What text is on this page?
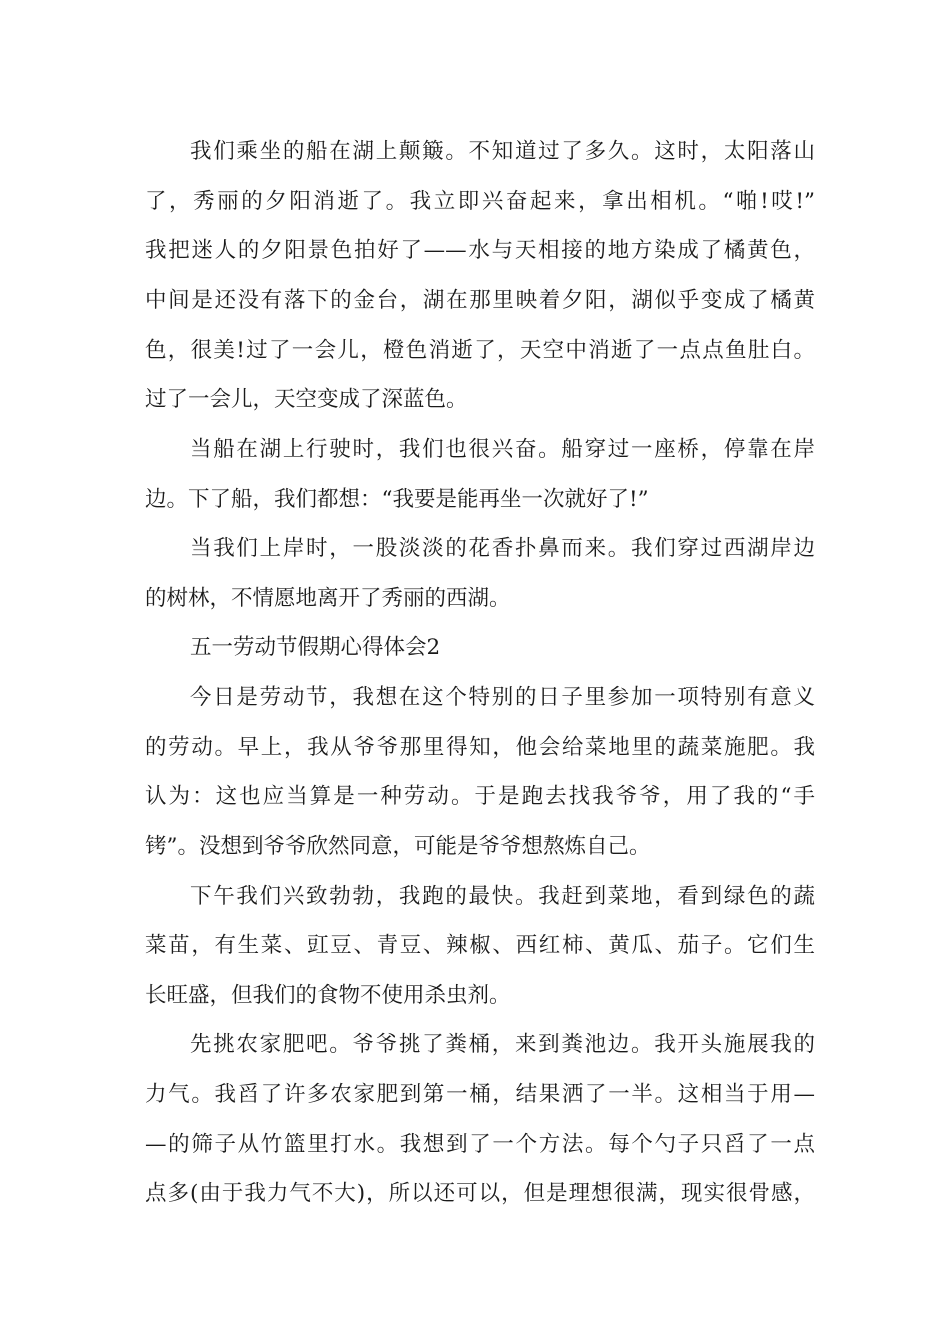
我们乘坐的船在湖上颠簸。不知道过了多久。这时，太阳落山
了，秀丽的夕阳消逝了。我立即兴奋起来，拿出相机。“啪!哎!”
我把迷人的夕阳景色拍好了——水与天相接的地方染成了橘黄色，
中间是还没有落下的金台，湖在那里映着夕阳，湖似乎变成了橘黄
色，很美!过了一会儿，橙色消逝了，天空中消逝了一点点鱼肚白。
过了一会儿，天空变成了深蓝色。
当船在湖上行驶时，我们也很兴奋。船穿过一座桥，停靠在岸
边。下了船，我们都想：“我要是能再坐一次就好了!”
当我们上岸时，一股淡淡的花香扑鼻而来。我们穿过西湖岸边
的树林，不情愿地离开了秀丽的西湖。
五一劳动节假期心得体会2
今日是劳动节，我想在这个特别的日子里参加一项特别有意义
的劳动。早上，我从爷爷那里得知，他会给菜地里的蔬菜施肥。我
认为：这也应当算是一种劳动。于是跑去找我爷爷，用了我的“手
铐”。没想到爷爷欣然同意，可能是爷爷想熬炼自己。
下午我们兴致勃勃，我跑的最快。我赶到菜地，看到绿色的蔬
菜苗，有生菜、豇豆、青豆、辣椒、西红柿、黄瓜、茄子。它们生
长旺盛，但我们的食物不使用杀虫剂。
先挑农家肥吧。爷爷挑了粪桶，来到粪池边。我开头施展我的
力气。我舀了许多农家肥到第一桶，结果洒了一半。这相当于用—
—的筛子从竹篮里打水。我想到了一个方法。每个勺子只舀了一点
点多(由于我力气不大)，所以还可以，但是理想很满，现实很骨感，
